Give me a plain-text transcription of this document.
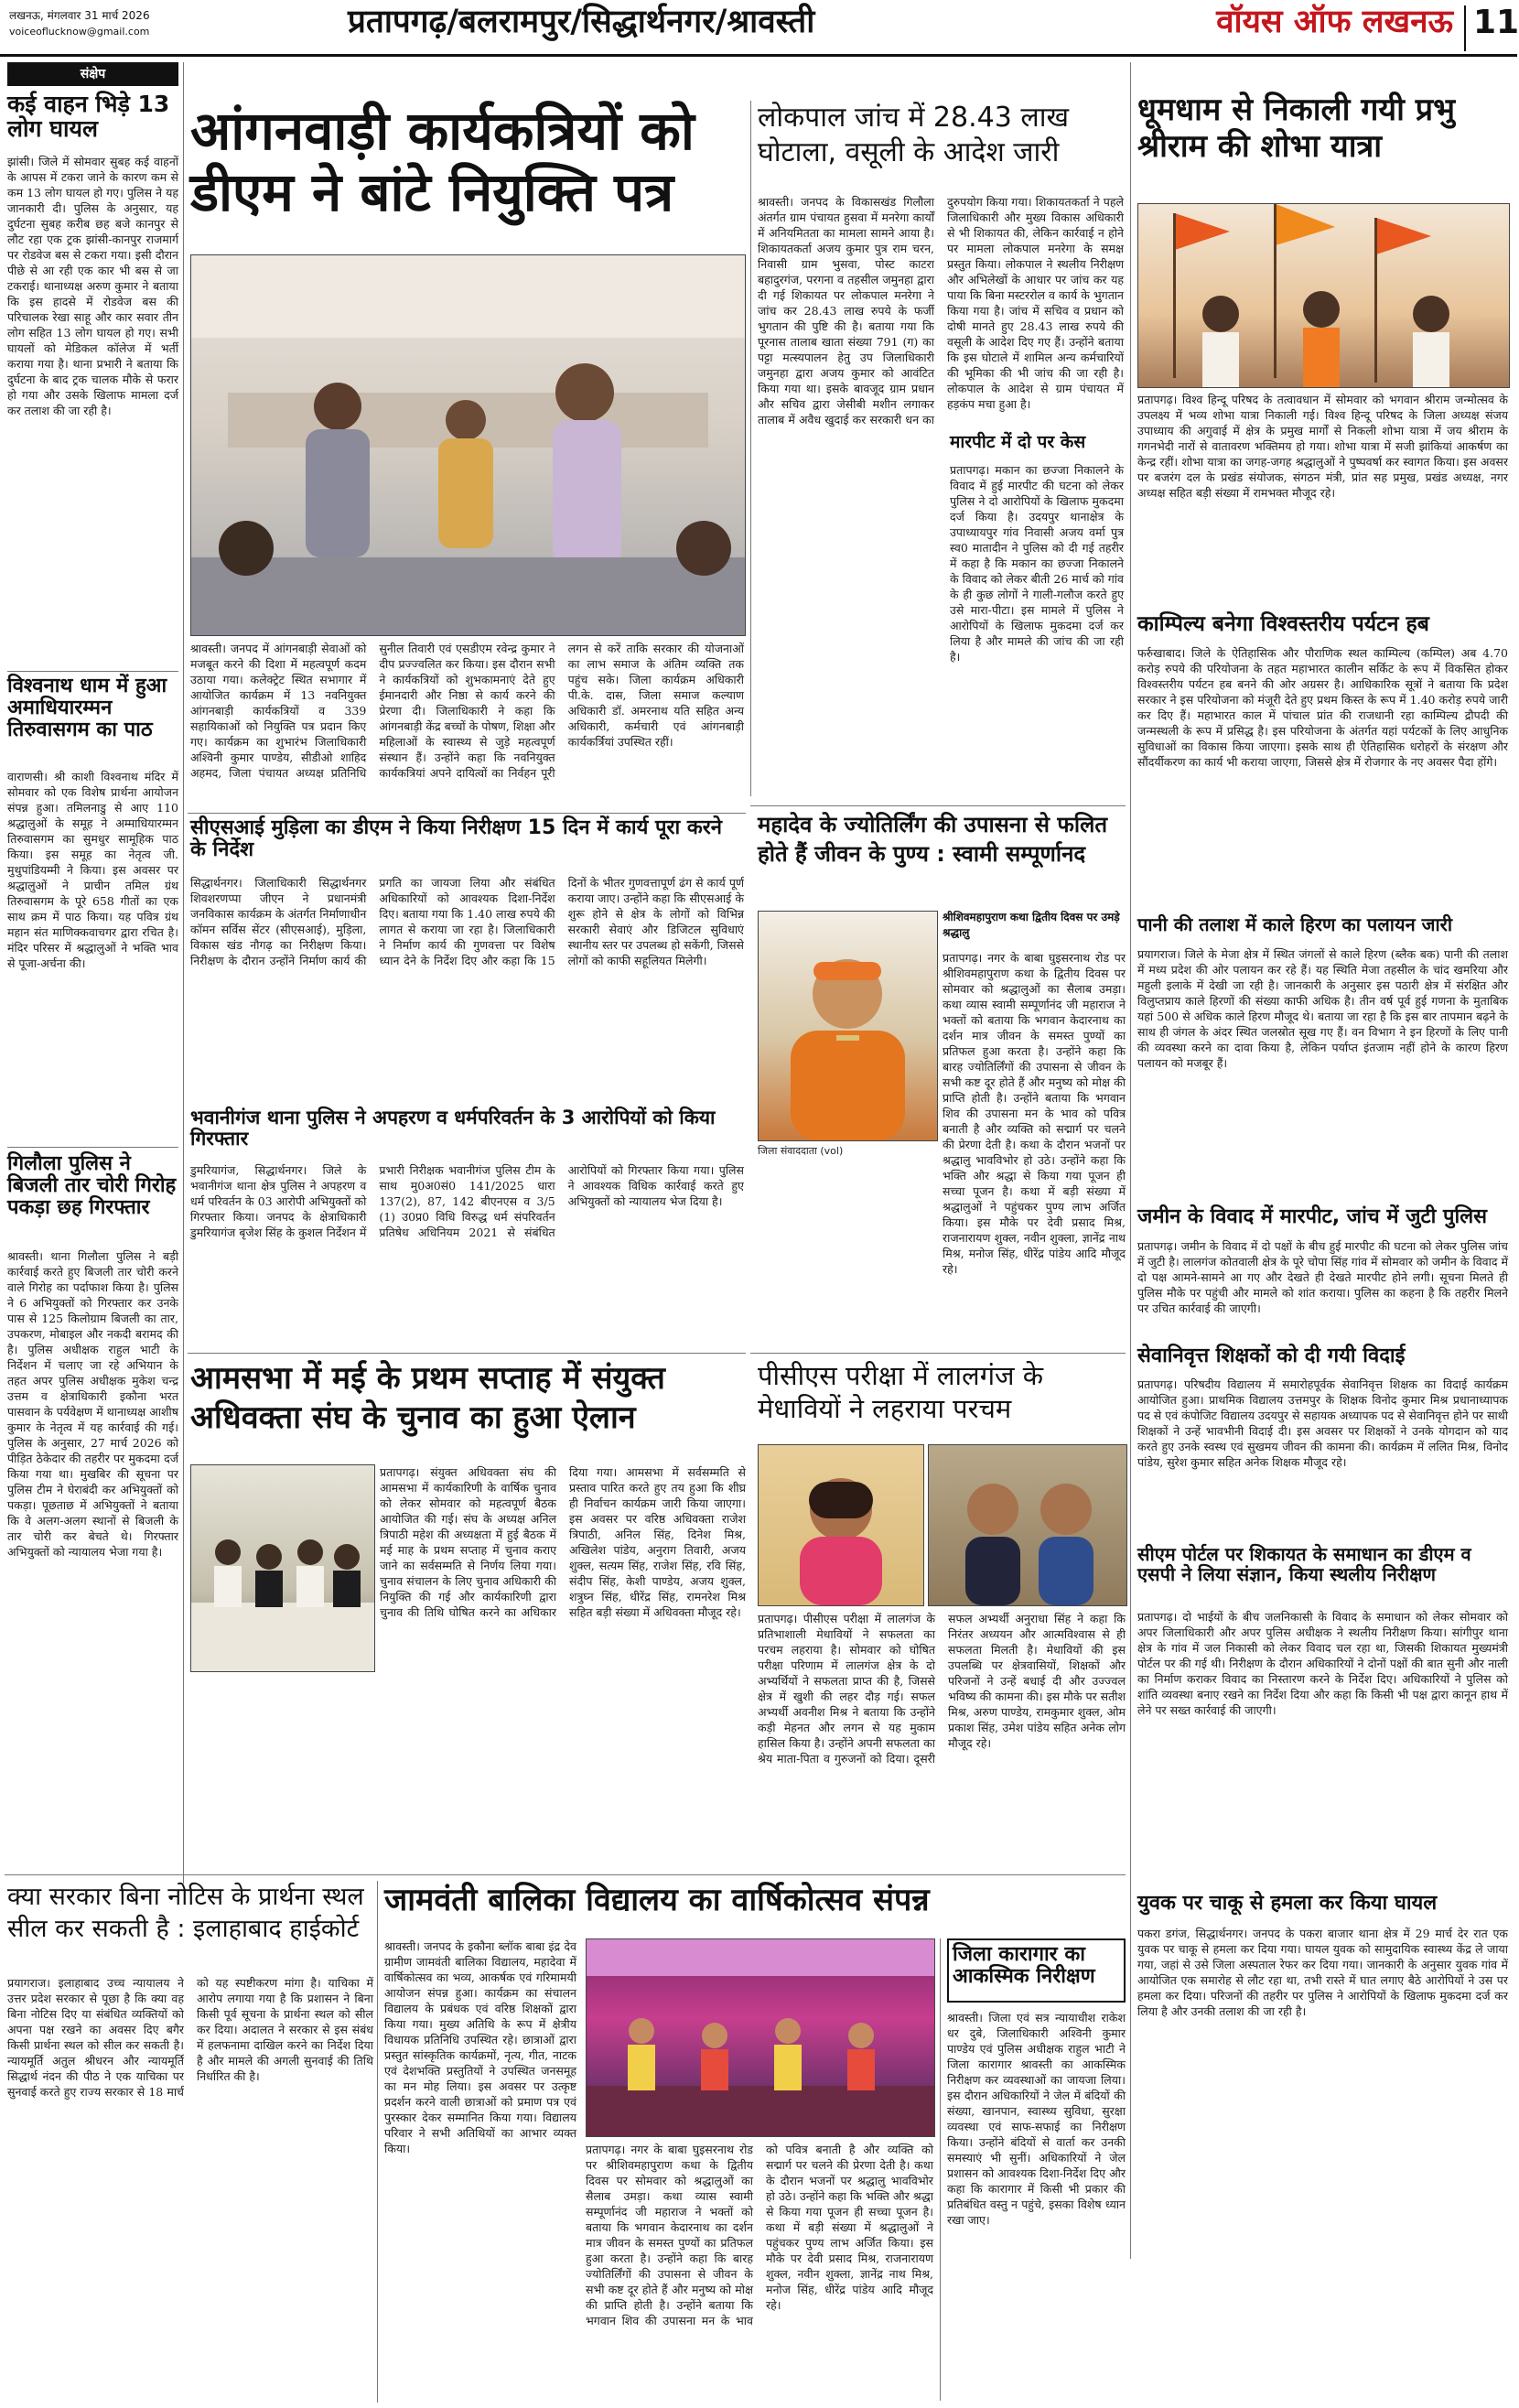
लखनऊ, मंगलवार 31 मार्च 2026
voiceoflucknow@gmail.com	प्रतापगढ़/बलरामपुर/सिद्धार्थनगर/श्रावस्ती	वॉयस ऑफ लखनऊ 11
संक्षेप
कई वाहन भिड़े 13 लोग घायल
झांसी। जिले में सोमवार सुबह कई वाहनों के आपस में टकरा जाने के कारण कम से कम 13 लोग घायल हो गए। पुलिस ने यह जानकारी दी। पुलिस के अनुसार, यह दुर्घटना सुबह करीब छह बजे कानपुर से लौट रहा एक ट्रक झांसी-कानपुर राजमार्ग पर रोडवेज बस से टकरा गया। इसी दौरान पीछे से आ रही एक कार भी बस से जा टकराई। थानाध्यक्ष अरुण कुमार ने बताया कि इस हादसे में रोडवेज बस की परिचालक रेखा साहू और कार सवार तीन लोग सहित 13 लोग घायल हो गए। सभी घायलों को मेडिकल कॉलेज में भर्ती कराया गया है। थाना प्रभारी ने बताया कि दुर्घटना के बाद ट्रक चालक मौके से फरार हो गया और उसके खिलाफ मामला दर्ज कर तलाश की जा रही है।
विश्वनाथ धाम में हुआ अमाधियारम्मन तिरुवासगम का पाठ
वाराणसी। श्री काशी विश्वनाथ मंदिर में सोमवार को एक विशेष प्रार्थना आयोजन संपन्न हुआ। तमिलनाडु से आए 110 श्रद्धालुओं के समूह ने अम्माधियारम्मन तिरुवासगम का सुमधुर सामूहिक पाठ किया। इस समूह का नेतृत्व जी. मुथुपांडियम्मी ने किया। इस अवसर पर श्रद्धालुओं ने प्राचीन तमिल ग्रंथ तिरुवासगम के पूरे 658 गीतों का एक साथ क्रम में पाठ किया। यह पवित्र ग्रंथ महान संत माणिक्कवाचगर द्वारा रचित है। मंदिर परिसर में श्रद्धालुओं ने भक्ति भाव से पूजा-अर्चना की।
गिलौला पुलिस ने बिजली तार चोरी गिरोह पकड़ा छह गिरफ्तार
श्रावस्ती। थाना गिलौला पुलिस ने बड़ी कार्रवाई करते हुए बिजली तार चोरी करने वाले गिरोह का पर्दाफाश किया है। पुलिस ने 6 अभियुक्तों को गिरफ्तार कर उनके पास से 125 किलोग्राम बिजली का तार, उपकरण, मोबाइल और नकदी बरामद की है। पुलिस अधीक्षक राहुल भाटी के निर्देशन में चलाए जा रहे अभियान के तहत अपर पुलिस अधीक्षक मुकेश चन्द्र उत्तम व क्षेत्राधिकारी इकौना भरत पासवान के पर्यवेक्षण में थानाध्यक्ष आशीष कुमार के नेतृत्व में यह कार्रवाई की गई। पुलिस के अनुसार, 27 मार्च 2026 को पीड़ित ठेकेदार की तहरीर पर मुकदमा दर्ज किया गया था। मुखबिर की सूचना पर पुलिस टीम ने घेराबंदी कर अभियुक्तों को पकड़ा। पूछताछ में अभियुक्तों ने बताया कि वे अलग-अलग स्थानों से बिजली के तार चोरी कर बेचते थे। गिरफ्तार अभियुक्तों को न्यायालय भेजा गया है।
आंगनवाड़ी कार्यकत्रियों को डीएम ने बांटे नियुक्ति पत्र
श्रावस्ती। जनपद में आंगनबाड़ी सेवाओं को मजबूत करने की दिशा में महत्वपूर्ण कदम उठाया गया। कलेक्ट्रेट स्थित सभागार में आयोजित कार्यक्रम में 13 नवनियुक्त आंगनबाड़ी कार्यकत्रियों व 339 सहायिकाओं को नियुक्ति पत्र प्रदान किए गए। कार्यक्रम का शुभारंभ जिलाधिकारी अश्विनी कुमार पाण्डेय, सीडीओ शाहिद अहमद, जिला पंचायत अध्यक्ष प्रतिनिधि सुनील तिवारी एवं एसडीएम रवेन्द्र कुमार ने दीप प्रज्ज्वलित कर किया। इस दौरान सभी ने कार्यकत्रियों को शुभकामनाएं देते हुए ईमानदारी और निष्ठा से कार्य करने की प्रेरणा दी। जिलाधिकारी ने कहा कि आंगनबाड़ी केंद्र बच्चों के पोषण, शिक्षा और महिलाओं के स्वास्थ्य से जुड़े महत्वपूर्ण संस्थान हैं। उन्होंने कहा कि नवनियुक्त कार्यकत्रियां अपने दायित्वों का निर्वहन पूरी लगन से करें ताकि सरकार की योजनाओं का लाभ समाज के अंतिम व्यक्ति तक पहुंच सके। जिला कार्यक्रम अधिकारी पी.के. दास, जिला समाज कल्याण अधिकारी डॉ. अमरनाथ यति सहित अन्य अधिकारी, कर्मचारी एवं आंगनबाड़ी कार्यकर्त्रियां उपस्थित रहीं।
लोकपाल जांच में 28.43 लाख घोटाला, वसूली के आदेश जारी
श्रावस्ती। जनपद के विकासखंड गिलौला अंतर्गत ग्राम पंचायत हुसवा में मनरेगा कार्यों में अनियमितता का मामला सामने आया है। शिकायतकर्ता अजय कुमार पुत्र राम चरन, निवासी ग्राम भुसवा, पोस्ट काटरा बहादुरगंज, परगना व तहसील जमुनहा द्वारा दी गई शिकायत पर लोकपाल मनरेगा ने जांच कर 28.43 लाख रुपये के फर्जी भुगतान की पुष्टि की है। बताया गया कि पूरनास तालाब खाता संख्या 791 (ग) का पट्टा मत्स्यपालन हेतु उप जिलाधिकारी जमुनहा द्वारा अजय कुमार को आवंटित किया गया था। इसके बावजूद ग्राम प्रधान और सचिव द्वारा जेसीबी मशीन लगाकर तालाब में अवैध खुदाई कर सरकारी धन का दुरुपयोग किया गया। शिकायतकर्ता ने पहले जिलाधिकारी और मुख्य विकास अधिकारी से भी शिकायत की, लेकिन कार्रवाई न होने पर मामला लोकपाल मनरेगा के समक्ष प्रस्तुत किया। लोकपाल ने स्थलीय निरीक्षण और अभिलेखों के आधार पर जांच कर यह पाया कि बिना मस्टररोल व कार्य के भुगतान किया गया है। जांच में सचिव व प्रधान को दोषी मानते हुए 28.43 लाख रुपये की वसूली के आदेश दिए गए हैं। उन्होंने बताया कि इस घोटाले में शामिल अन्य कर्मचारियों की भूमिका की भी जांच की जा रही है। लोकपाल के आदेश से ग्राम पंचायत में हड़कंप मचा हुआ है।
मारपीट में दो पर केस
प्रतापगढ़। मकान का छज्जा निकालने के विवाद में हुई मारपीट की घटना को लेकर पुलिस ने दो आरोपियों के खिलाफ मुकदमा दर्ज किया है। उदयपुर थानाक्षेत्र के उपाध्यायपुर गांव निवासी अजय वर्मा पुत्र स्व0 मातादीन ने पुलिस को दी गई तहरीर में कहा है कि मकान का छज्जा निकालने के विवाद को लेकर बीती 26 मार्च को गांव के ही कुछ लोगों ने गाली-गलौज करते हुए उसे मारा-पीटा। इस मामले में पुलिस ने आरोपियों के खिलाफ मुकदमा दर्ज कर लिया है और मामले की जांच की जा रही है।
धूमधाम से निकाली गयी प्रभु श्रीराम की शोभा यात्रा
प्रतापगढ़। विश्व हिन्दू परिषद के तत्वावधान में सोमवार को भगवान श्रीराम जन्मोत्सव के उपलक्ष्य में भव्य शोभा यात्रा निकाली गई। विश्व हिन्दू परिषद के जिला अध्यक्ष संजय उपाध्याय की अगुवाई में क्षेत्र के प्रमुख मार्गों से निकली शोभा यात्रा में जय श्रीराम के गगनभेदी नारों से वातावरण भक्तिमय हो गया। शोभा यात्रा में सजी झांकियां आकर्षण का केन्द्र रहीं। शोभा यात्रा का जगह-जगह श्रद्धालुओं ने पुष्पवर्षा कर स्वागत किया। इस अवसर पर बजरंग दल के प्रखंड संयोजक, संगठन मंत्री, प्रांत सह प्रमुख, प्रखंड अध्यक्ष, नगर अध्यक्ष सहित बड़ी संख्या में रामभक्त मौजूद रहे।
काम्पिल्य बनेगा विश्वस्तरीय पर्यटन हब
फर्रुखाबाद। जिले के ऐतिहासिक और पौराणिक स्थल काम्पिल्य (कम्पिल) अब 4.70 करोड़ रुपये की परियोजना के तहत महाभारत कालीन सर्किट के रूप में विकसित होकर विश्वस्तरीय पर्यटन हब बनने की ओर अग्रसर है। आधिकारिक सूत्रों ने बताया कि प्रदेश सरकार ने इस परियोजना को मंजूरी देते हुए प्रथम किस्त के रूप में 1.40 करोड़ रुपये जारी कर दिए हैं। महाभारत काल में पांचाल प्रांत की राजधानी रहा काम्पिल्य द्रौपदी की जन्मस्थली के रूप में प्रसिद्ध है। इस परियोजना के अंतर्गत यहां पर्यटकों के लिए आधुनिक सुविधाओं का विकास किया जाएगा। इसके साथ ही ऐतिहासिक धरोहरों के संरक्षण और सौंदर्यीकरण का कार्य भी कराया जाएगा, जिससे क्षेत्र में रोजगार के नए अवसर पैदा होंगे।
पानी की तलाश में काले हिरण का पलायन जारी
प्रयागराज। जिले के मेजा क्षेत्र में स्थित जंगलों से काले हिरण (ब्लैक बक) पानी की तलाश में मध्य प्रदेश की ओर पलायन कर रहे हैं। यह स्थिति मेजा तहसील के चांद खमरिया और महुली इलाके में देखी जा रही है। जानकारी के अनुसार इस पठारी क्षेत्र में संरक्षित और विलुप्तप्राय काले हिरणों की संख्या काफी अधिक है। तीन वर्ष पूर्व हुई गणना के मुताबिक यहां 500 से अधिक काले हिरण मौजूद थे। बताया जा रहा है कि इस बार तापमान बढ़ने के साथ ही जंगल के अंदर स्थित जलस्रोत सूख गए हैं। वन विभाग ने इन हिरणों के लिए पानी की व्यवस्था करने का दावा किया है, लेकिन पर्याप्त इंतजाम नहीं होने के कारण हिरण पलायन को मजबूर हैं।
जमीन के विवाद में मारपीट, जांच में जुटी पुलिस
प्रतापगढ़। जमीन के विवाद में दो पक्षों के बीच हुई मारपीट की घटना को लेकर पुलिस जांच में जुटी है। लालगंज कोतवाली क्षेत्र के पूरे चोपा सिंह गांव में सोमवार को जमीन के विवाद में दो पक्ष आमने-सामने आ गए और देखते ही देखते मारपीट होने लगी। सूचना मिलते ही पुलिस मौके पर पहुंची और मामले को शांत कराया। पुलिस का कहना है कि तहरीर मिलने पर उचित कार्रवाई की जाएगी।
सेवानिवृत्त शिक्षकों को दी गयी विदाई
प्रतापगढ़। परिषदीय विद्यालय में समारोहपूर्वक सेवानिवृत्त शिक्षक का विदाई कार्यक्रम आयोजित हुआ। प्राथमिक विद्यालय उत्तमपुर के शिक्षक विनोद कुमार मिश्र प्रधानाध्यापक पद से एवं कंपोजिट विद्यालय उदयपुर से सहायक अध्यापक पद से सेवानिवृत्त होने पर साथी शिक्षकों ने उन्हें भावभीनी विदाई दी। इस अवसर पर शिक्षकों ने उनके योगदान को याद करते हुए उनके स्वस्थ एवं सुखमय जीवन की कामना की। कार्यक्रम में ललित मिश्र, विनोद पांडेय, सुरेश कुमार सहित अनेक शिक्षक मौजूद रहे।
सीएम पोर्टल पर शिकायत के समाधान का डीएम व एसपी ने लिया संज्ञान, किया स्थलीय निरीक्षण
प्रतापगढ़। दो भाईयों के बीच जलनिकासी के विवाद के समाधान को लेकर सोमवार को अपर जिलाधिकारी और अपर पुलिस अधीक्षक ने स्थलीय निरीक्षण किया। सांगीपुर थाना क्षेत्र के गांव में जल निकासी को लेकर विवाद चल रहा था, जिसकी शिकायत मुख्यमंत्री पोर्टल पर की गई थी। निरीक्षण के दौरान अधिकारियों ने दोनों पक्षों की बात सुनी और नाली का निर्माण कराकर विवाद का निस्तारण करने के निर्देश दिए। अधिकारियों ने पुलिस को शांति व्यवस्था बनाए रखने का निर्देश दिया और कहा कि किसी भी पक्ष द्वारा कानून हाथ में लेने पर सख्त कार्रवाई की जाएगी।
युवक पर चाकू से हमला कर किया घायल
पकरा डगंज, सिद्धार्थनगर। जनपद के पकरा बाजार थाना क्षेत्र में 29 मार्च देर रात एक युवक पर चाकू से हमला कर दिया गया। घायल युवक को सामुदायिक स्वास्थ्य केंद्र ले जाया गया, जहां से उसे जिला अस्पताल रेफर कर दिया गया। जानकारी के अनुसार युवक गांव में आयोजित एक समारोह से लौट रहा था, तभी रास्ते में घात लगाए बैठे आरोपियों ने उस पर हमला कर दिया। परिजनों की तहरीर पर पुलिस ने आरोपियों के खिलाफ मुकदमा दर्ज कर लिया है और उनकी तलाश की जा रही है।
सीएसआई मुड़िला का डीएम ने किया निरीक्षण 15 दिन में कार्य पूरा करने के निर्देश
सिद्धार्थनगर। जिलाधिकारी सिद्धार्थनगर शिवशरणप्पा जीएन ने प्रधानमंत्री जनविकास कार्यक्रम के अंतर्गत निर्माणाधीन कॉमन सर्विस सेंटर (सीएसआई), मुड़िला, विकास खंड नौगढ़ का निरीक्षण किया। निरीक्षण के दौरान उन्होंने निर्माण कार्य की प्रगति का जायजा लिया और संबंधित अधिकारियों को आवश्यक दिशा-निर्देश दिए। बताया गया कि 1.40 लाख रुपये की लागत से कराया जा रहा है। जिलाधिकारी ने निर्माण कार्य की गुणवत्ता पर विशेष ध्यान देने के निर्देश दिए और कहा कि 15 दिनों के भीतर गुणवत्तापूर्ण ढंग से कार्य पूर्ण कराया जाए। उन्होंने कहा कि सीएसआई के शुरू होने से क्षेत्र के लोगों को विभिन्न सरकारी सेवाएं और डिजिटल सुविधाएं स्थानीय स्तर पर उपलब्ध हो सकेंगी, जिससे लोगों को काफी सहूलियत मिलेगी।
भवानीगंज थाना पुलिस ने अपहरण व धर्मपरिवर्तन के 3 आरोपियों को किया गिरफ्तार
डुमरियागंज, सिद्धार्थनगर। जिले के भवानीगंज थाना क्षेत्र पुलिस ने अपहरण व धर्म परिवर्तन के 03 आरोपी अभियुक्तों को गिरफ्तार किया। जनपद के क्षेत्राधिकारी डुमरियागंज बृजेश सिंह के कुशल निर्देशन में प्रभारी निरीक्षक भवानीगंज पुलिस टीम के साथ मु0अ0सं0 141/2025 धारा 137(2), 87, 142 बीएनएस व 3/5 (1) उ0प्र0 विधि विरुद्ध धर्म संपरिवर्तन प्रतिषेध अधिनियम 2021 से संबंधित आरोपियों को गिरफ्तार किया गया। पुलिस ने आवश्यक विधिक कार्रवाई करते हुए अभियुक्तों को न्यायालय भेज दिया है।
महादेव के ज्योतिर्लिंग की उपासना से फलित होते हैं जीवन के पुण्य : स्वामी सम्पूर्णानद
श्रीशिवमहापुराण कथा द्वितीय दिवस पर उमड़े श्रद्धालु
जिला संवाददाता (vol)
प्रतापगढ़। नगर के बाबा घुइसरनाथ रोड पर श्रीशिवमहापुराण कथा के द्वितीय दिवस पर सोमवार को श्रद्धालुओं का सैलाब उमड़ा। कथा व्यास स्वामी सम्पूर्णानंद जी महाराज ने भक्तों को बताया कि भगवान केदारनाथ का दर्शन मात्र जीवन के समस्त पुण्यों का प्रतिफल हुआ करता है। उन्होंने कहा कि बारह ज्योतिर्लिंगों की उपासना से जीवन के सभी कष्ट दूर होते हैं और मनुष्य को मोक्ष की प्राप्ति होती है। उन्होंने बताया कि भगवान शिव की उपासना मन के भाव को पवित्र बनाती है और व्यक्ति को सद्मार्ग पर चलने की प्रेरणा देती है। कथा के दौरान भजनों पर श्रद्धालु भावविभोर हो उठे। उन्होंने कहा कि भक्ति और श्रद्धा से किया गया पूजन ही सच्चा पूजन है। कथा में बड़ी संख्या में श्रद्धालुओं ने पहुंचकर पुण्य लाभ अर्जित किया। इस मौके पर देवी प्रसाद मिश्र, राजनारायण शुक्ल, नवीन शुक्ला, ज्ञानेंद्र नाथ मिश्र, मनोज सिंह, धीरेंद्र पांडेय आदि मौजूद रहे।
आमसभा में मई के प्रथम सप्ताह में संयुक्त अधिवक्ता संघ के चुनाव का हुआ ऐलान
प्रतापगढ़। संयुक्त अधिवक्ता संघ की आमसभा में कार्यकारिणी के वार्षिक चुनाव को लेकर सोमवार को महत्वपूर्ण बैठक आयोजित की गई। संघ के अध्यक्ष अनिल त्रिपाठी महेश की अध्यक्षता में हुई बैठक में मई माह के प्रथम सप्ताह में चुनाव कराए जाने का सर्वसम्मति से निर्णय लिया गया। चुनाव संचालन के लिए चुनाव अधिकारी की नियुक्ति की गई और कार्यकारिणी द्वारा चुनाव की तिथि घोषित करने का अधिकार दिया गया। आमसभा में सर्वसम्मति से प्रस्ताव पारित करते हुए तय हुआ कि शीघ्र ही निर्वाचन कार्यक्रम जारी किया जाएगा। इस अवसर पर वरिष्ठ अधिवक्ता राजेश त्रिपाठी, अनिल सिंह, दिनेश मिश्र, अखिलेश पांडेय, अनुराग तिवारी, अजय शुक्ल, सत्यम सिंह, राजेश सिंह, रवि सिंह, संदीप सिंह, केशी पाण्डेय, अजय शुक्ल, शत्रुघ्न सिंह, धीरेंद्र सिंह, रामनरेश मिश्र सहित बड़ी संख्या में अधिवक्ता मौजूद रहे।
पीसीएस परीक्षा में लालगंज के मेधावियों ने लहराया परचम
प्रतापगढ़। पीसीएस परीक्षा में लालगंज के प्रतिभाशाली मेधावियों ने सफलता का परचम लहराया है। सोमवार को घोषित परीक्षा परिणाम में लालगंज क्षेत्र के दो अभ्यर्थियों ने सफलता प्राप्त की है, जिससे क्षेत्र में खुशी की लहर दौड़ गई। सफल अभ्यर्थी अवनीश मिश्र ने बताया कि उन्होंने कड़ी मेहनत और लगन से यह मुकाम हासिल किया है। उन्होंने अपनी सफलता का श्रेय माता-पिता व गुरुजनों को दिया। दूसरी सफल अभ्यर्थी अनुराधा सिंह ने कहा कि निरंतर अध्ययन और आत्मविश्वास से ही सफलता मिलती है। मेधावियों की इस उपलब्धि पर क्षेत्रवासियों, शिक्षकों और परिजनों ने उन्हें बधाई दी और उज्ज्वल भविष्य की कामना की। इस मौके पर सतीश मिश्र, अरुण पाण्डेय, रामकुमार शुक्ल, ओम प्रकाश सिंह, उमेश पांडेय सहित अनेक लोग मौजूद रहे।
क्या सरकार बिना नोटिस के प्रार्थना स्थल सील कर सकती है : इलाहाबाद हाईकोर्ट
प्रयागराज। इलाहाबाद उच्च न्यायालय ने उत्तर प्रदेश सरकार से पूछा है कि क्या वह बिना नोटिस दिए या संबंधित व्यक्तियों को अपना पक्ष रखने का अवसर दिए बगैर किसी प्रार्थना स्थल को सील कर सकती है। न्यायमूर्ति अतुल श्रीधरन और न्यायमूर्ति सिद्धार्थ नंदन की पीठ ने एक याचिका पर सुनवाई करते हुए राज्य सरकार से 18 मार्च को यह स्पष्टीकरण मांगा है। याचिका में आरोप लगाया गया है कि प्रशासन ने बिना किसी पूर्व सूचना के प्रार्थना स्थल को सील कर दिया। अदालत ने सरकार से इस संबंध में हलफनामा दाखिल करने का निर्देश दिया है और मामले की अगली सुनवाई की तिथि निर्धारित की है।
जामवंती बालिका विद्यालय का वार्षिकोत्सव संपन्न
श्रावस्ती। जनपद के इकौना ब्लॉक बाबा इंद्र देव ग्रामीण जामवंती बालिका विद्यालय, महादेवा में वार्षिकोत्सव का भव्य, आकर्षक एवं गरिमामयी आयोजन संपन्न हुआ। कार्यक्रम का संचालन विद्यालय के प्रबंधक एवं वरिष्ठ शिक्षकों द्वारा किया गया। मुख्य अतिथि के रूप में क्षेत्रीय विधायक प्रतिनिधि उपस्थित रहे। छात्राओं द्वारा प्रस्तुत सांस्कृतिक कार्यक्रमों, नृत्य, गीत, नाटक एवं देशभक्ति प्रस्तुतियों ने उपस्थित जनसमूह का मन मोह लिया। इस अवसर पर उत्कृष्ट प्रदर्शन करने वाली छात्राओं को प्रमाण पत्र एवं पुरस्कार देकर सम्मानित किया गया। विद्यालय परिवार ने सभी अतिथियों का आभार व्यक्त किया।	प्रतापगढ़। नगर के बाबा घुइसरनाथ रोड पर श्रीशिवमहापुराण कथा के द्वितीय दिवस पर सोमवार को श्रद्धालुओं का सैलाब उमड़ा। कथा व्यास स्वामी सम्पूर्णानंद जी महाराज ने भक्तों को बताया कि भगवान केदारनाथ का दर्शन मात्र जीवन के समस्त पुण्यों का प्रतिफल हुआ करता है। उन्होंने कहा कि बारह ज्योतिर्लिंगों की उपासना से जीवन के सभी कष्ट दूर होते हैं और मनुष्य को मोक्ष की प्राप्ति होती है। उन्होंने बताया कि भगवान शिव की उपासना मन के भाव को पवित्र बनाती है और व्यक्ति को सद्मार्ग पर चलने की प्रेरणा देती है। कथा के दौरान भजनों पर श्रद्धालु भावविभोर हो उठे। उन्होंने कहा कि भक्ति और श्रद्धा से किया गया पूजन ही सच्चा पूजन है। कथा में बड़ी संख्या में श्रद्धालुओं ने पहुंचकर पुण्य लाभ अर्जित किया। इस मौके पर देवी प्रसाद मिश्र, राजनारायण शुक्ल, नवीन शुक्ला, ज्ञानेंद्र नाथ मिश्र, मनोज सिंह, धीरेंद्र पांडेय आदि मौजूद रहे।
जिला कारागार का आकस्मिक निरीक्षण
श्रावस्ती। जिला एवं सत्र न्यायाधीश राकेश धर दुबे, जिलाधिकारी अश्विनी कुमार पाण्डेय एवं पुलिस अधीक्षक राहुल भाटी ने जिला कारागार श्रावस्ती का आकस्मिक निरीक्षण कर व्यवस्थाओं का जायजा लिया। इस दौरान अधिकारियों ने जेल में बंदियों की संख्या, खानपान, स्वास्थ्य सुविधा, सुरक्षा व्यवस्था एवं साफ-सफाई का निरीक्षण किया। उन्होंने बंदियों से वार्ता कर उनकी समस्याएं भी सुनीं। अधिकारियों ने जेल प्रशासन को आवश्यक दिशा-निर्देश दिए और कहा कि कारागार में किसी भी प्रकार की प्रतिबंधित वस्तु न पहुंचे, इसका विशेष ध्यान रखा जाए।
